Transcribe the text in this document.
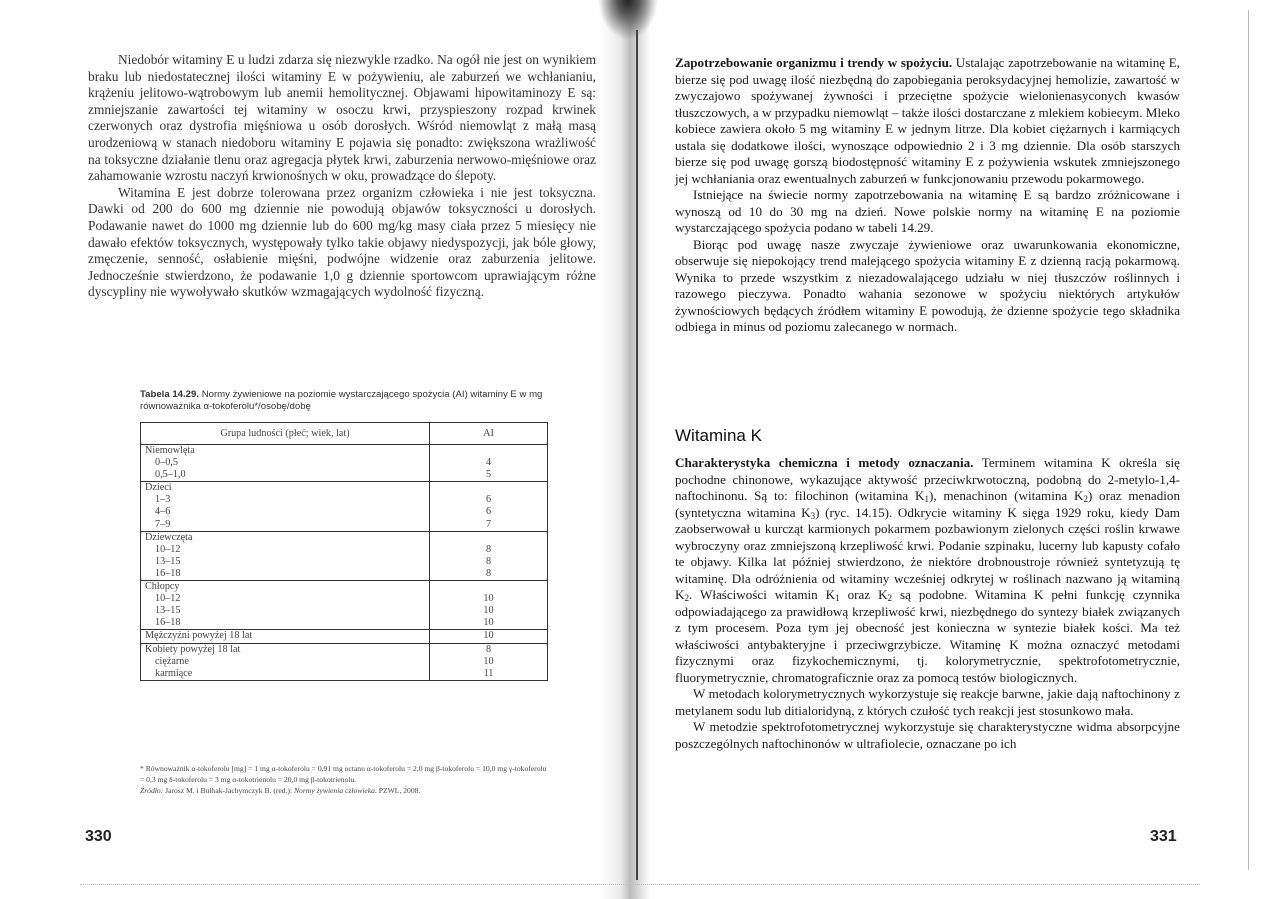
Niedobór witaminy E u ludzi zdarza się niezwykle rzadko. Na ogół nie jest on wynikiem braku lub niedostatecznej ilości witaminy E w pożywieniu, ale zaburzeń we wchłanianiu, krążeniu jelitowo-wątrobowym lub anemii hemolitycznej. Objawami hipowitaminozy E są: zmniejszanie zawartości tej witaminy w osoczu krwi, przyspieszony rozpad krwinek czerwonych oraz dystrofia mięśniowa u osób dorosłych. Wśród niemowląt z małą masą urodzeniową w stanach niedoboru witaminy E pojawia się ponadto: zwiększona wrażliwość na toksyczne działanie tlenu oraz agregacja płytek krwi, zaburzenia nerwowo-mięśniowe oraz zahamowanie wzrostu naczyń krwionośnych w oku, prowadzące do ślepoty.

Witamina E jest dobrze tolerowana przez organizm człowieka i nie jest toksyczna. Dawki od 200 do 600 mg dziennie nie powodują objawów toksyczności u dorosłych. Podawanie nawet do 1000 mg dziennie lub do 600 mg/kg masy ciała przez 5 miesięcy nie dawało efektów toksycznych, występowały tylko takie objawy niedyspozycji, jak bóle głowy, zmęczenie, senność, osłabienie mięśni, podwójne widzenie oraz zaburzenia jelitowe. Jednocześnie stwierdzono, że podawanie 1,0 g dziennie sportowcom uprawiającym różne dyscypliny nie wywoływało skutków wzmagających wydolność fizyczną.

Tabela 14.29. Normy żywieniowe na poziomie wystarczającego spożycia (AI) witaminy E w mg równoważnika α-tokoferolu*/osobę/dobę
Grupa ludności (płeć; wiek, lat)	AI
Niemowlęta	
0–0,5	4
0,5–1,0	5
Dzieci	
1–3	6
4–6	6
7–9	7
Dziewczęta	
10–12	8
13–15	8
16–18	8
Chłopcy	
10–12	10
13–15	10
16–18	10
Mężczyźni powyżej 18 lat	10
Kobiety powyżej 18 lat	8
ciężarne	10
karmiące	11
* Równoważnik α-tokoferolu [mg] = 1 mg α-tokoferolu = 0,91 mg octanu α-tokoferolu = 2,0 mg β-tokoferolu = 10,0 mg γ-tokoferolu = 0,3 mg δ-tokoferolu = 3 mg α-tokotrienolu = 20,0 mg β-tokotrienolu.
Źródło: Jarosz M. i Bułhak-Jachymczyk B. (red.): Normy żywienia człowieka. PZWL, 2008.
330

Zapotrzebowanie organizmu i trendy w spożyciu. Ustalając zapotrzebowanie na witaminę E, bierze się pod uwagę ilość niezbędną do zapobiegania peroksydacyjnej hemolizie, zawartość w zwyczajowo spożywanej żywności i przeciętne spożycie wielonienasyconych kwasów tłuszczowych, a w przypadku niemowląt – także ilości dostarczane z mlekiem kobiecym. Mleko kobiece zawiera około 5 mg witaminy E w jednym litrze. Dla kobiet ciężarnych i karmiących ustala się dodatkowe ilości, wynoszące odpowiednio 2 i 3 mg dziennie. Dla osób starszych bierze się pod uwagę gorszą biodostępność witaminy E z pożywienia wskutek zmniejszonego jej wchłaniania oraz ewentualnych zaburzeń w funkcjonowaniu przewodu pokarmowego.

Istniejące na świecie normy zapotrzebowania na witaminę E są bardzo zróżnicowane i wynoszą od 10 do 30 mg na dzień. Nowe polskie normy na witaminę E na poziomie wystarczającego spożycia podano w tabeli 14.29.

Biorąc pod uwagę nasze zwyczaje żywieniowe oraz uwarunkowania ekonomiczne, obserwuje się niepokojący trend malejącego spożycia witaminy E z dzienną racją pokarmową. Wynika to przede wszystkim z niezadowalającego udziału w niej tłuszczów roślinnych i razowego pieczywa. Ponadto wahania sezonowe w spożyciu niektórych artykułów żywnościowych będących źródłem witaminy E powodują, że dzienne spożycie tego składnika odbiega in minus od poziomu zalecanego w normach.

Witamina K

Charakterystyka chemiczna i metody oznaczania. Terminem witamina K określa się pochodne chinonowe, wykazujące aktywość przeciwkrwotoczną, podobną do 2-metylo-1,4-naftochinonu. Są to: filochinon (witamina $K_1$), menachinon (witamina $K_2$) oraz menadion (syntetyczna witamina $K_3$) (ryc. 14.15). Odkrycie witaminy K sięga 1929 roku, kiedy Dam zaobserwował u kurcząt karmionych pokarmem pozbawionym zielonych części roślin krwawe wybroczyny oraz zmniejszoną krzepliwość krwi. Podanie szpinaku, lucerny lub kapusty cofało te objawy. Kilka lat później stwierdzono, że niektóre drobnoustroje również syntetyzują tę witaminę. Dla odróżnienia od witaminy wcześniej odkrytej w roślinach nazwano ją witaminą $K_2$. Właściwości witamin $K_1$ oraz $K_2$ są podobne. Witamina K pełni funkcję czynnika odpowiadającego za prawidłową krzepliwość krwi, niezbędnego do syntezy białek związanych z tym procesem. Poza tym jej obecność jest konieczna w syntezie białek kości. Ma też właściwości antybakteryjne i przeciwgrzybicze. Witaminę K można oznaczyć metodami fizycznymi oraz fizykochemicznymi, tj. kolorymetrycznie, spektrofotometrycznie, fluorymetrycznie, chromatograficznie oraz za pomocą testów biologicznych.

W metodach kolorymetrycznych wykorzystuje się reakcje barwne, jakie dają naftochinony z metylanem sodu lub ditialoridyną, z których czułość tych reakcji jest stosunkowo mała.

W metodzie spektrofotometrycznej wykorzystuje się charakterystyczne widma absorpcyjne poszczególnych naftochinonów w ultrafiolecie, oznaczane po ich

331
